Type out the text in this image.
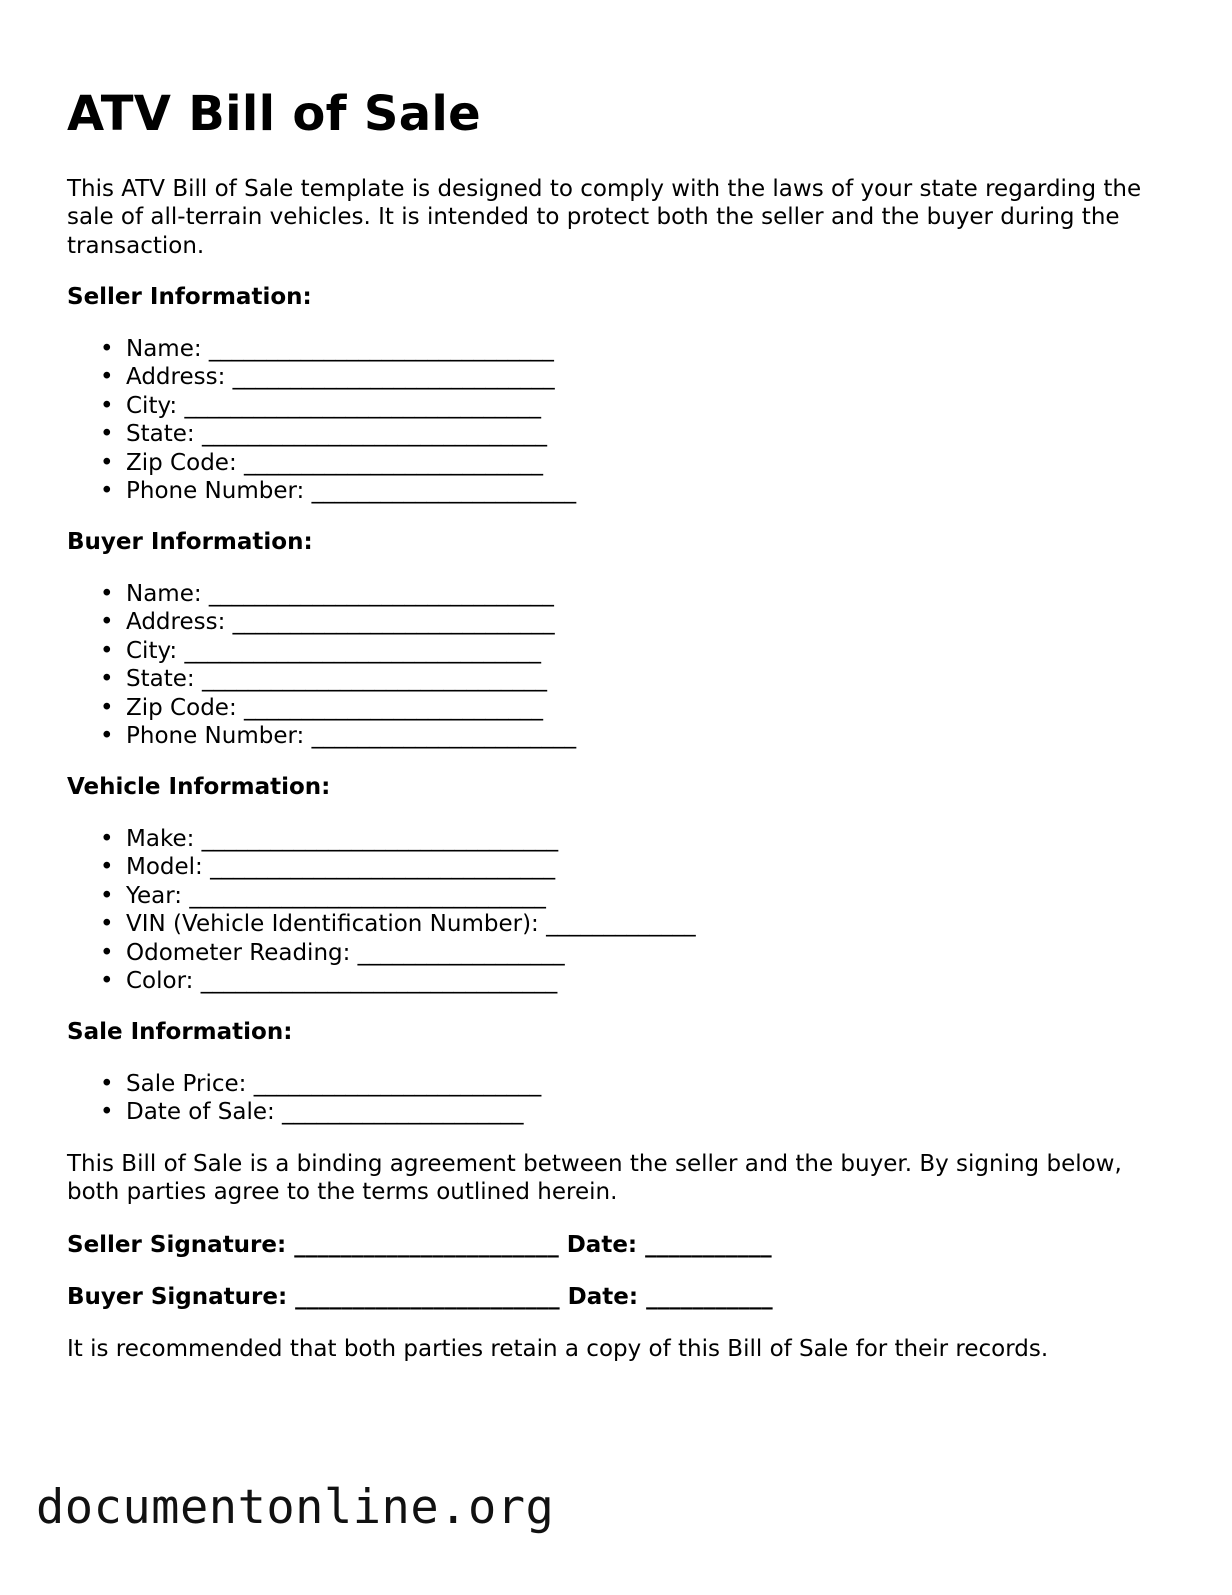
ATV Bill of Sale

This ATV Bill of Sale template is designed to comply with the laws of your state regarding the sale of all-terrain vehicles. It is intended to protect both the seller and the buyer during the transaction.

Seller Information:
• Name: ______________________________
• Address: ____________________________
• City: _______________________________
• State: ______________________________
• Zip Code: __________________________
• Phone Number: _______________________
Buyer Information:
• Name: ______________________________
• Address: ____________________________
• City: _______________________________
• State: ______________________________
• Zip Code: __________________________
• Phone Number: _______________________
Vehicle Information:
• Make: _______________________________
• Model: ______________________________
• Year: _______________________________
• VIN (Vehicle Identification Number): _____________
• Odometer Reading: __________________
• Color: _______________________________
Sale Information:
• Sale Price: _________________________
• Date of Sale: _____________________

This Bill of Sale is a binding agreement between the seller and the buyer. By signing below, both parties agree to the terms outlined herein.

Seller Signature: _______________________ Date: ___________

Buyer Signature: _______________________ Date: ___________

It is recommended that both parties retain a copy of this Bill of Sale for their records.

documentonline.org
